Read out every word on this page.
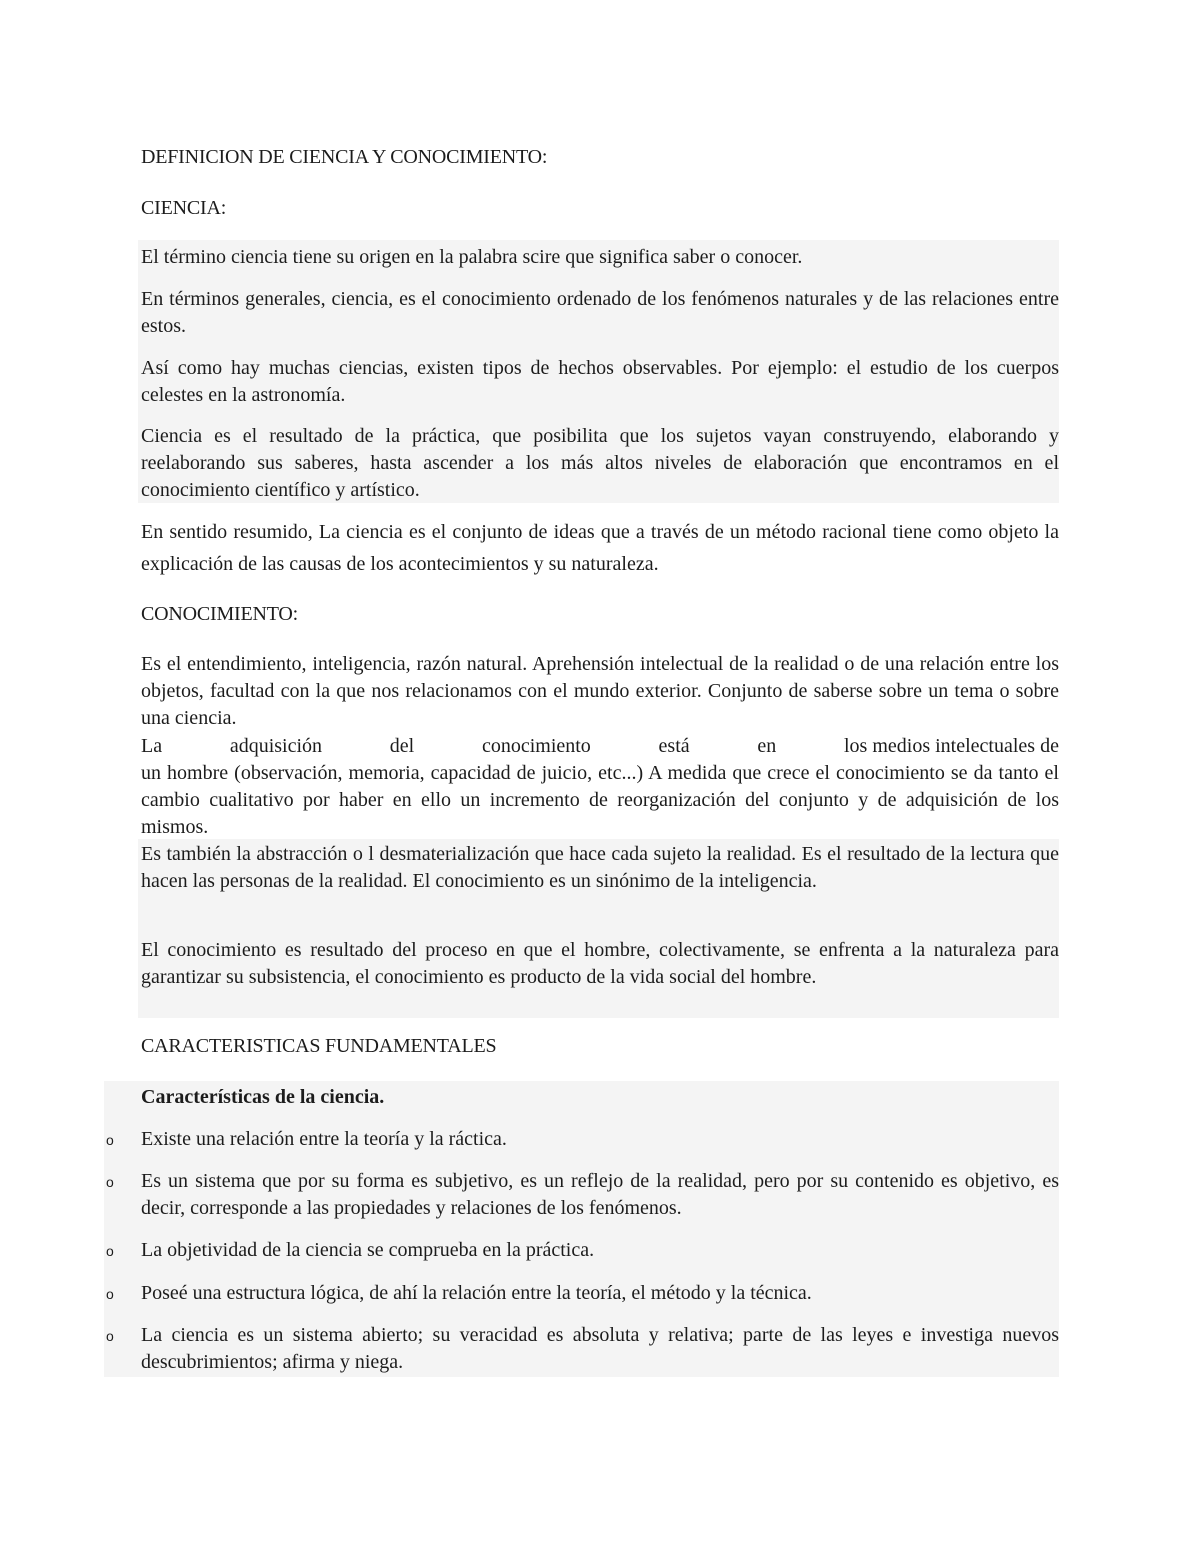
DEFINICION DE CIENCIA Y CONOCIMIENTO:

CIENCIA:

El término ciencia tiene su origen en la palabra scire que significa saber o conocer.

En términos generales, ciencia, es el conocimiento ordenado de los fenómenos naturales y de las relaciones entre estos.

Así como hay muchas ciencias, existen tipos de hechos observables. Por ejemplo: el estudio de los cuerpos celestes en la astronomía.

Ciencia es el resultado de la práctica, que posibilita que los sujetos vayan construyendo, elaborando y reelaborando sus saberes, hasta ascender a los más altos niveles de elaboración que encontramos en el conocimiento científico y artístico.

En sentido resumido, La ciencia es el conjunto de ideas que a través de un método racional tiene como objeto la explicación de las causas de los acontecimientos y su naturaleza.

CONOCIMIENTO:

Es el entendimiento, inteligencia, razón natural. Aprehensión intelectual de la realidad o de una relación entre los objetos, facultad con la que nos relacionamos con el mundo exterior. Conjunto de saberse sobre un tema o sobre una ciencia.

La	adquisición	del	conocimiento	está	en	los medios intelectuales de
un hombre (observación, memoria, capacidad de juicio, etc...) A medida que crece el conocimiento se da tanto el cambio cualitativo por haber en ello un incremento de reorganización del conjunto y de adquisición de los mismos.

Es también la abstracción o l desmaterialización que hace cada sujeto la realidad. Es el resultado de la lectura que hacen las personas de la realidad. El conocimiento es un sinónimo de la inteligencia.

El conocimiento es resultado del proceso en que el hombre, colectivamente, se enfrenta a la naturaleza para garantizar su subsistencia, el conocimiento es producto de la vida social del hombre.

CARACTERISTICAS FUNDAMENTALES

Características de la ciencia.

o Existe una relación entre la teoría y la ráctica.

o Es un sistema que por su forma es subjetivo, es un reflejo de la realidad, pero por su contenido es objetivo, es decir, corresponde a las propiedades y relaciones de los fenómenos.

o La objetividad de la ciencia se comprueba en la práctica.

o Poseé una estructura lógica, de ahí la relación entre la teoría, el método y la técnica.

o La ciencia es un sistema abierto; su veracidad es absoluta y relativa; parte de las leyes e investiga nuevos descubrimientos; afirma y niega.
